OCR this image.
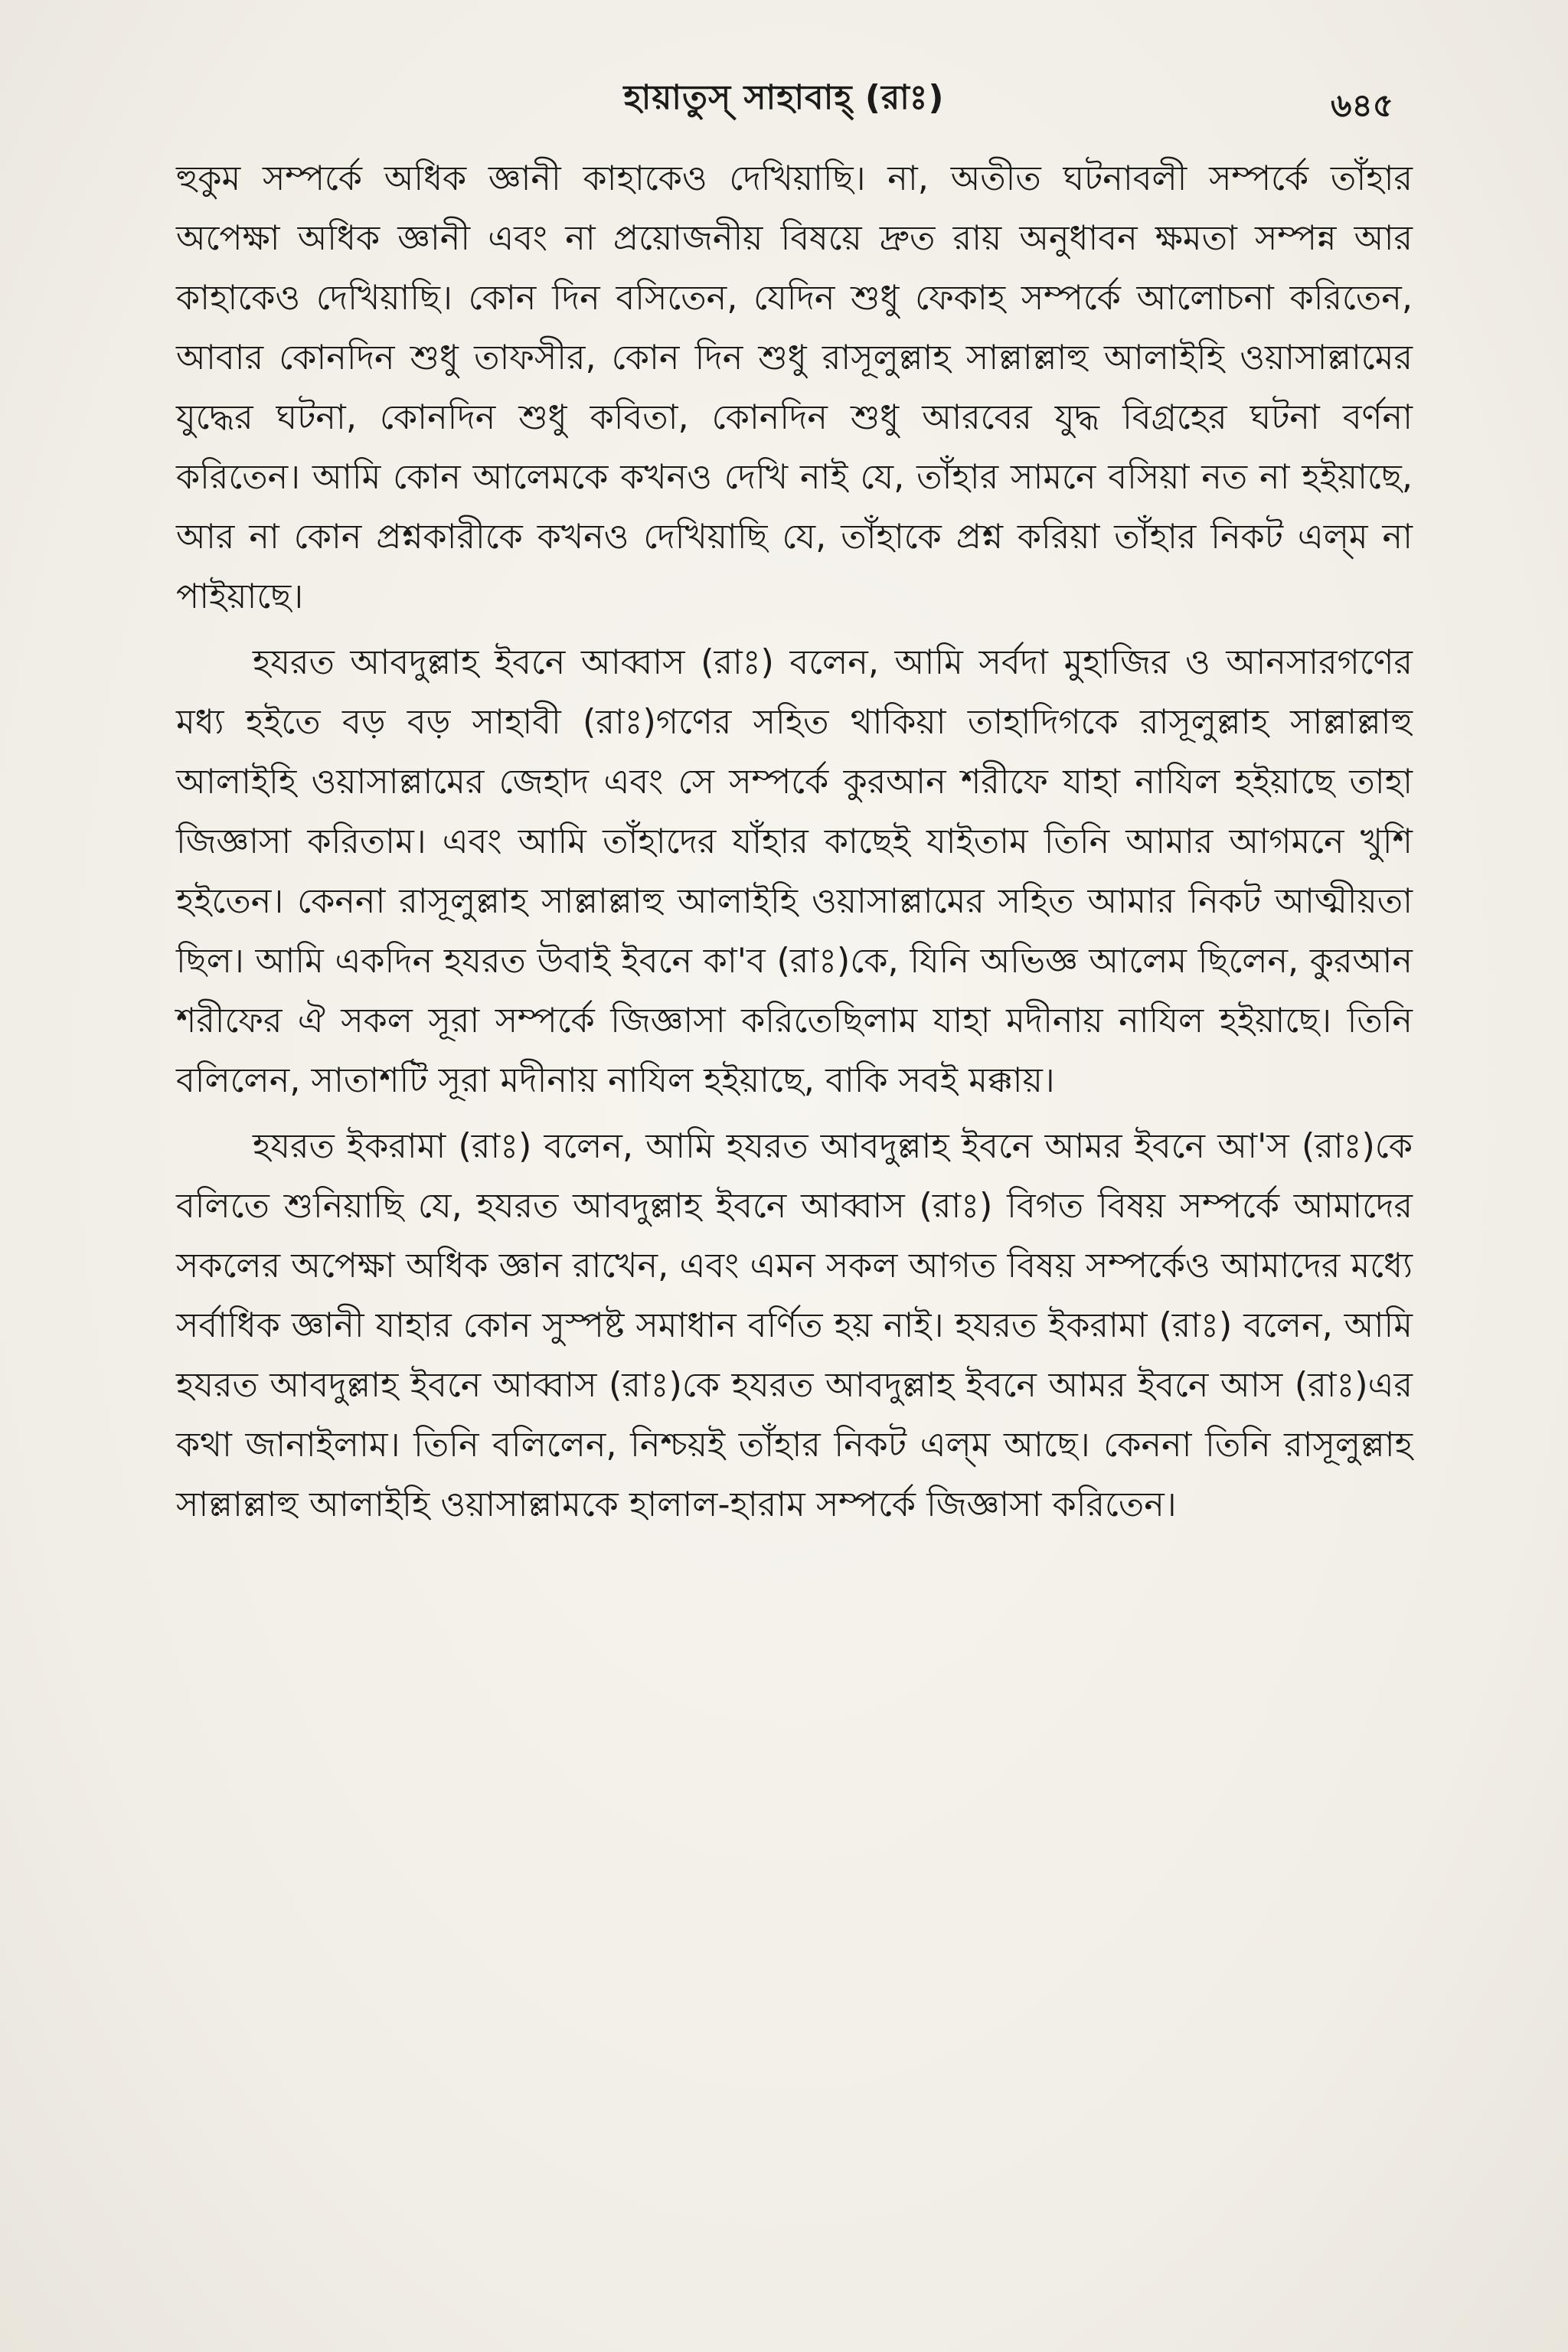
হায়াতুস্‌ সাহাবাহ্‌ (রাঃ)	৬৪৫

হুকুম সম্পর্কে অধিক জ্ঞানী কাহাকেও দেখিয়াছি। না, অতীত ঘটনাবলী সম্পর্কে তাঁহার অপেক্ষা অধিক জ্ঞানী এবং না প্রয়োজনীয় বিষয়ে দ্রুত রায় অনুধাবন ক্ষমতা সম্পন্ন আর কাহাকেও দেখিয়াছি। কোন দিন বসিতেন, যেদিন শুধু ফেকাহ সম্পর্কে আলোচনা করিতেন, আবার কোনদিন শুধু তাফসীর, কোন দিন শুধু রাসূলুল্লাহ সাল্লাল্লাহু আলাইহি ওয়াসাল্লামের যুদ্ধের ঘটনা, কোনদিন শুধু কবিতা, কোনদিন শুধু আরবের যুদ্ধ বিগ্রহের ঘটনা বর্ণনা করিতেন। আমি কোন আলেমকে কখনও দেখি নাই যে, তাঁহার সামনে বসিয়া নত না হইয়াছে, আর না কোন প্রশ্নকারীকে কখনও দেখিয়াছি যে, তাঁহাকে প্রশ্ন করিয়া তাঁহার নিকট এল্‌ম না পাইয়াছে।

হযরত আবদুল্লাহ ইবনে আব্বাস (রাঃ) বলেন, আমি সর্বদা মুহাজির ও আনসারগণের মধ্য হইতে বড় বড় সাহাবী (রাঃ)গণের সহিত থাকিয়া তাহাদিগকে রাসূলুল্লাহ সাল্লাল্লাহু আলাইহি ওয়াসাল্লামের জেহাদ এবং সে সম্পর্কে কুরআন শরীফে যাহা নাযিল হইয়াছে তাহা জিজ্ঞাসা করিতাম। এবং আমি তাঁহাদের যাঁহার কাছেই যাইতাম তিনি আমার আগমনে খুশি হইতেন। কেননা রাসূলুল্লাহ সাল্লাল্লাহু আলাইহি ওয়াসাল্লামের সহিত আমার নিকট আত্মীয়তা ছিল। আমি একদিন হযরত উবাই ইবনে কা'ব (রাঃ)কে, যিনি অভিজ্ঞ আলেম ছিলেন, কুরআন শরীফের ঐ সকল সূরা সম্পর্কে জিজ্ঞাসা করিতেছিলাম যাহা মদীনায় নাযিল হইয়াছে। তিনি বলিলেন, সাতাশটি সূরা মদীনায় নাযিল হইয়াছে, বাকি সবই মক্কায়।

হযরত ইকরামা (রাঃ) বলেন, আমি হযরত আবদুল্লাহ ইবনে আমর ইবনে আ'স (রাঃ)কে বলিতে শুনিয়াছি যে, হযরত আবদুল্লাহ ইবনে আব্বাস (রাঃ) বিগত বিষয় সম্পর্কে আমাদের সকলের অপেক্ষা অধিক জ্ঞান রাখেন, এবং এমন সকল আগত বিষয় সম্পর্কেও আমাদের মধ্যে সর্বাধিক জ্ঞানী যাহার কোন সুস্পষ্ট সমাধান বর্ণিত হয় নাই। হযরত ইকরামা (রাঃ) বলেন, আমি হযরত আবদুল্লাহ ইবনে আব্বাস (রাঃ)কে হযরত আবদুল্লাহ ইবনে আমর ইবনে আস (রাঃ)এর কথা জানাইলাম। তিনি বলিলেন, নিশ্চয়ই তাঁহার নিকট এল্‌ম আছে। কেননা তিনি রাসূলুল্লাহ সাল্লাল্লাহু আলাইহি ওয়াসাল্লামকে হালাল-হারাম সম্পর্কে জিজ্ঞাসা করিতেন।
